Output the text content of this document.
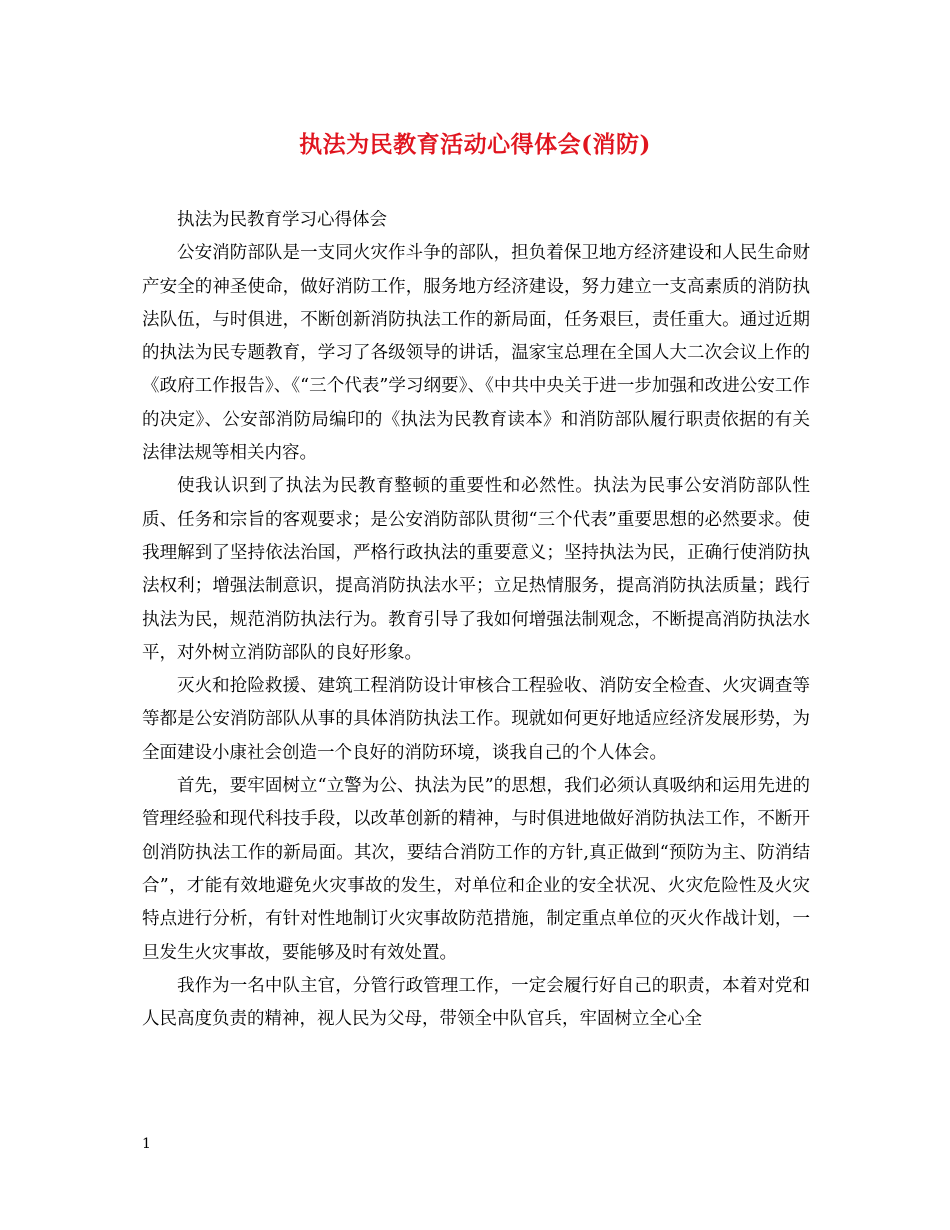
执法为民教育活动心得体会(消防)

执法为民教育学习心得体会

公安消防部队是一支同火灾作斗争的部队，担负着保卫地方经济建设和人民生命财产安全的神圣使命，做好消防工作，服务地方经济建设，努力建立一支高素质的消防执法队伍，与时俱进，不断创新消防执法工作的新局面，任务艰巨，责任重大。通过近期的执法为民专题教育，学习了各级领导的讲话，温家宝总理在全国人大二次会议上作的《政府工作报告》、《“三个代表”学习纲要》、《中共中央关于进一步加强和改进公安工作的决定》、公安部消防局编印的《执法为民教育读本》和消防部队履行职责依据的有关法律法规等相关内容。

使我认识到了执法为民教育整顿的重要性和必然性。执法为民事公安消防部队性质、任务和宗旨的客观要求；是公安消防部队贯彻“三个代表”重要思想的必然要求。使我理解到了坚持依法治国，严格行政执法的重要意义；坚持执法为民，正确行使消防执法权利；增强法制意识，提高消防执法水平；立足热情服务，提高消防执法质量；践行执法为民，规范消防执法行为。教育引导了我如何增强法制观念，不断提高消防执法水平，对外树立消防部队的良好形象。

灭火和抢险救援、建筑工程消防设计审核合工程验收、消防安全检查、火灾调查等等都是公安消防部队从事的具体消防执法工作。现就如何更好地适应经济发展形势，为全面建设小康社会创造一个良好的消防环境，谈我自己的个人体会。

首先，要牢固树立“立警为公、执法为民”的思想，我们必须认真吸纳和运用先进的管理经验和现代科技手段，以改革创新的精神，与时俱进地做好消防执法工作，不断开创消防执法工作的新局面。其次，要结合消防工作的方针,真正做到“预防为主、防消结合”，才能有效地避免火灾事故的发生，对单位和企业的安全状况、火灾危险性及火灾特点进行分析，有针对性地制订火灾事故防范措施，制定重点单位的灭火作战计划，一旦发生火灾事故，要能够及时有效处置。

我作为一名中队主官，分管行政管理工作，一定会履行好自己的职责，本着对党和人民高度负责的精神，视人民为父母，带领全中队官兵，牢固树立全心全

1
